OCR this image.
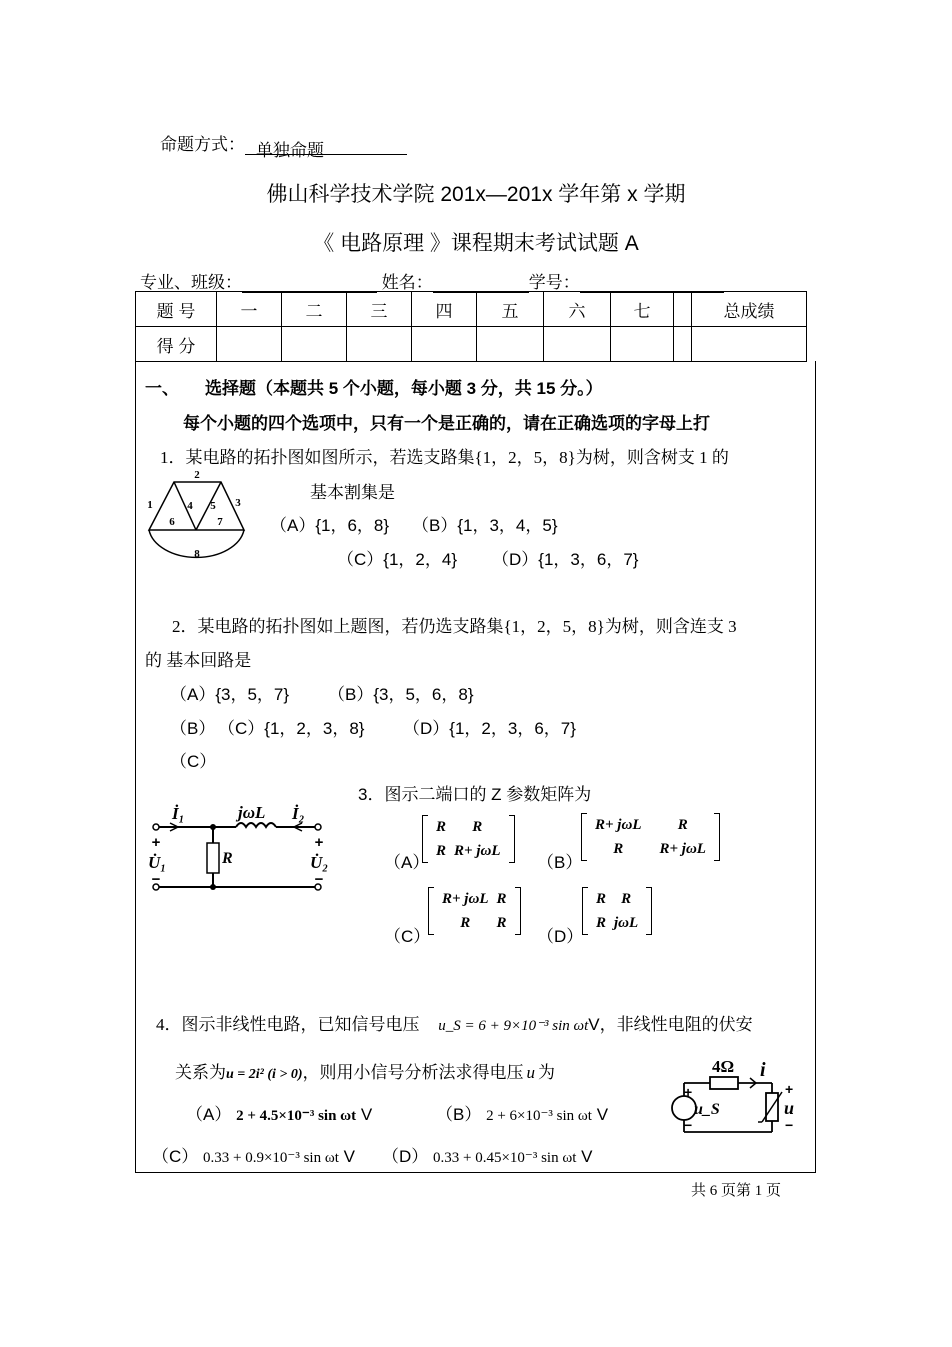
命题方式： 单独命题
佛山科学技术学院 201x—201x 学年第 x 学期
《 电路原理 》课程期末考试试题 A
专业、班级：	姓名：	学号：
题 号	一	二	三	四	五	六	七		总成绩
得 分									
一、 选择题（本题共 5 个小题，每小题 3 分，共 15 分。）
每个小题的四个选项中，只有一个是正确的，请在正确选项的字母上打
1．某电路的拓扑图如图所示，若选支路集{1，2，5，8}为树，则含树支 1 的
基本割集是
（A）{1，6，8} （B）{1，3，4，5}
（C）{1，2，4} （D）{1，3，6，7}
1
2
3
4 5
6	7
8
2．某电路的拓扑图如上题图，若仍选支路集{1，2，5，8}为树，则含连支 3
的 基本回路是
（A）{3，5，7} （B）{3，5，6，8}
（B） （C）{1，2，3，8} （D）{1，2，3，6，7}
（C）
3．图示二端口的 Z 参数矩阵为
İ₁	jωL İ₂
U̇₁	U̇₂
R
+
−
+
−
（A）
R	R
R R+ jωL
（B）
R+ jωL	R
R	R+ jωL
（C）
R+ jωL R
R	R
（D）
R	R
R jωL
4．图示非线性电路，已知信号电压 u_S = 6 + 9×10⁻³ sin ωtV，非线性电阻的伏安
关系为u = 2i² (i > 0)，则用小信号分析法求得电压 u 为
（A） 2 + 4.5×10⁻³ sin ωt V	（B） 2 + 6×10⁻³ sin ωt V
（C） 0.33 + 0.9×10⁻³ sin ωt V （D） 0.33 + 0.45×10⁻³ sin ωt V
4Ω i
u_S	u
+
−
+
−
共 6 页第 1 页
